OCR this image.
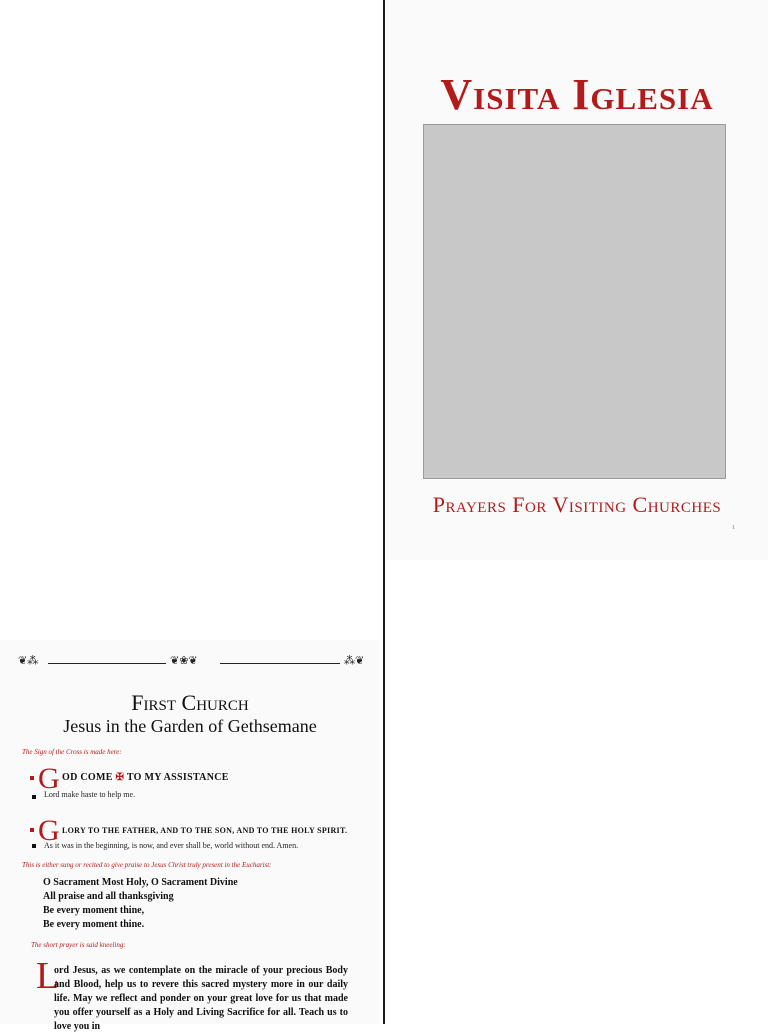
Visita Iglesia
Prayers For Visiting Churches
1
❦⁂	❦❀❦	⁂❦
First Church
Jesus in the Garden of Gethsemane
The Sign of the Cross is made here:
G OD COME ✠ TO MY ASSISTANCE
Lord make haste to help me.
G LORY TO THE FATHER, AND TO THE SON, AND TO THE HOLY SPIRIT.
As it was in the beginning, is now, and ever shall be, world without end. Amen.
This is either sung or recited to give praise to Jesus Christ truly present in the Eucharist:
O Sacrament Most Holy, O Sacrament Divine
All praise and all thanksgiving
Be every moment thine,
Be every moment thine.
The short prayer is said kneeling:
L
ord Jesus, as we contemplate on the miracle of your precious Body and Blood, help us to revere this sacred mystery more in our daily life. May we reflect and ponder on your great love for us that made you offer yourself as a Holy and Living Sacrifice for all. Teach us to love you in
